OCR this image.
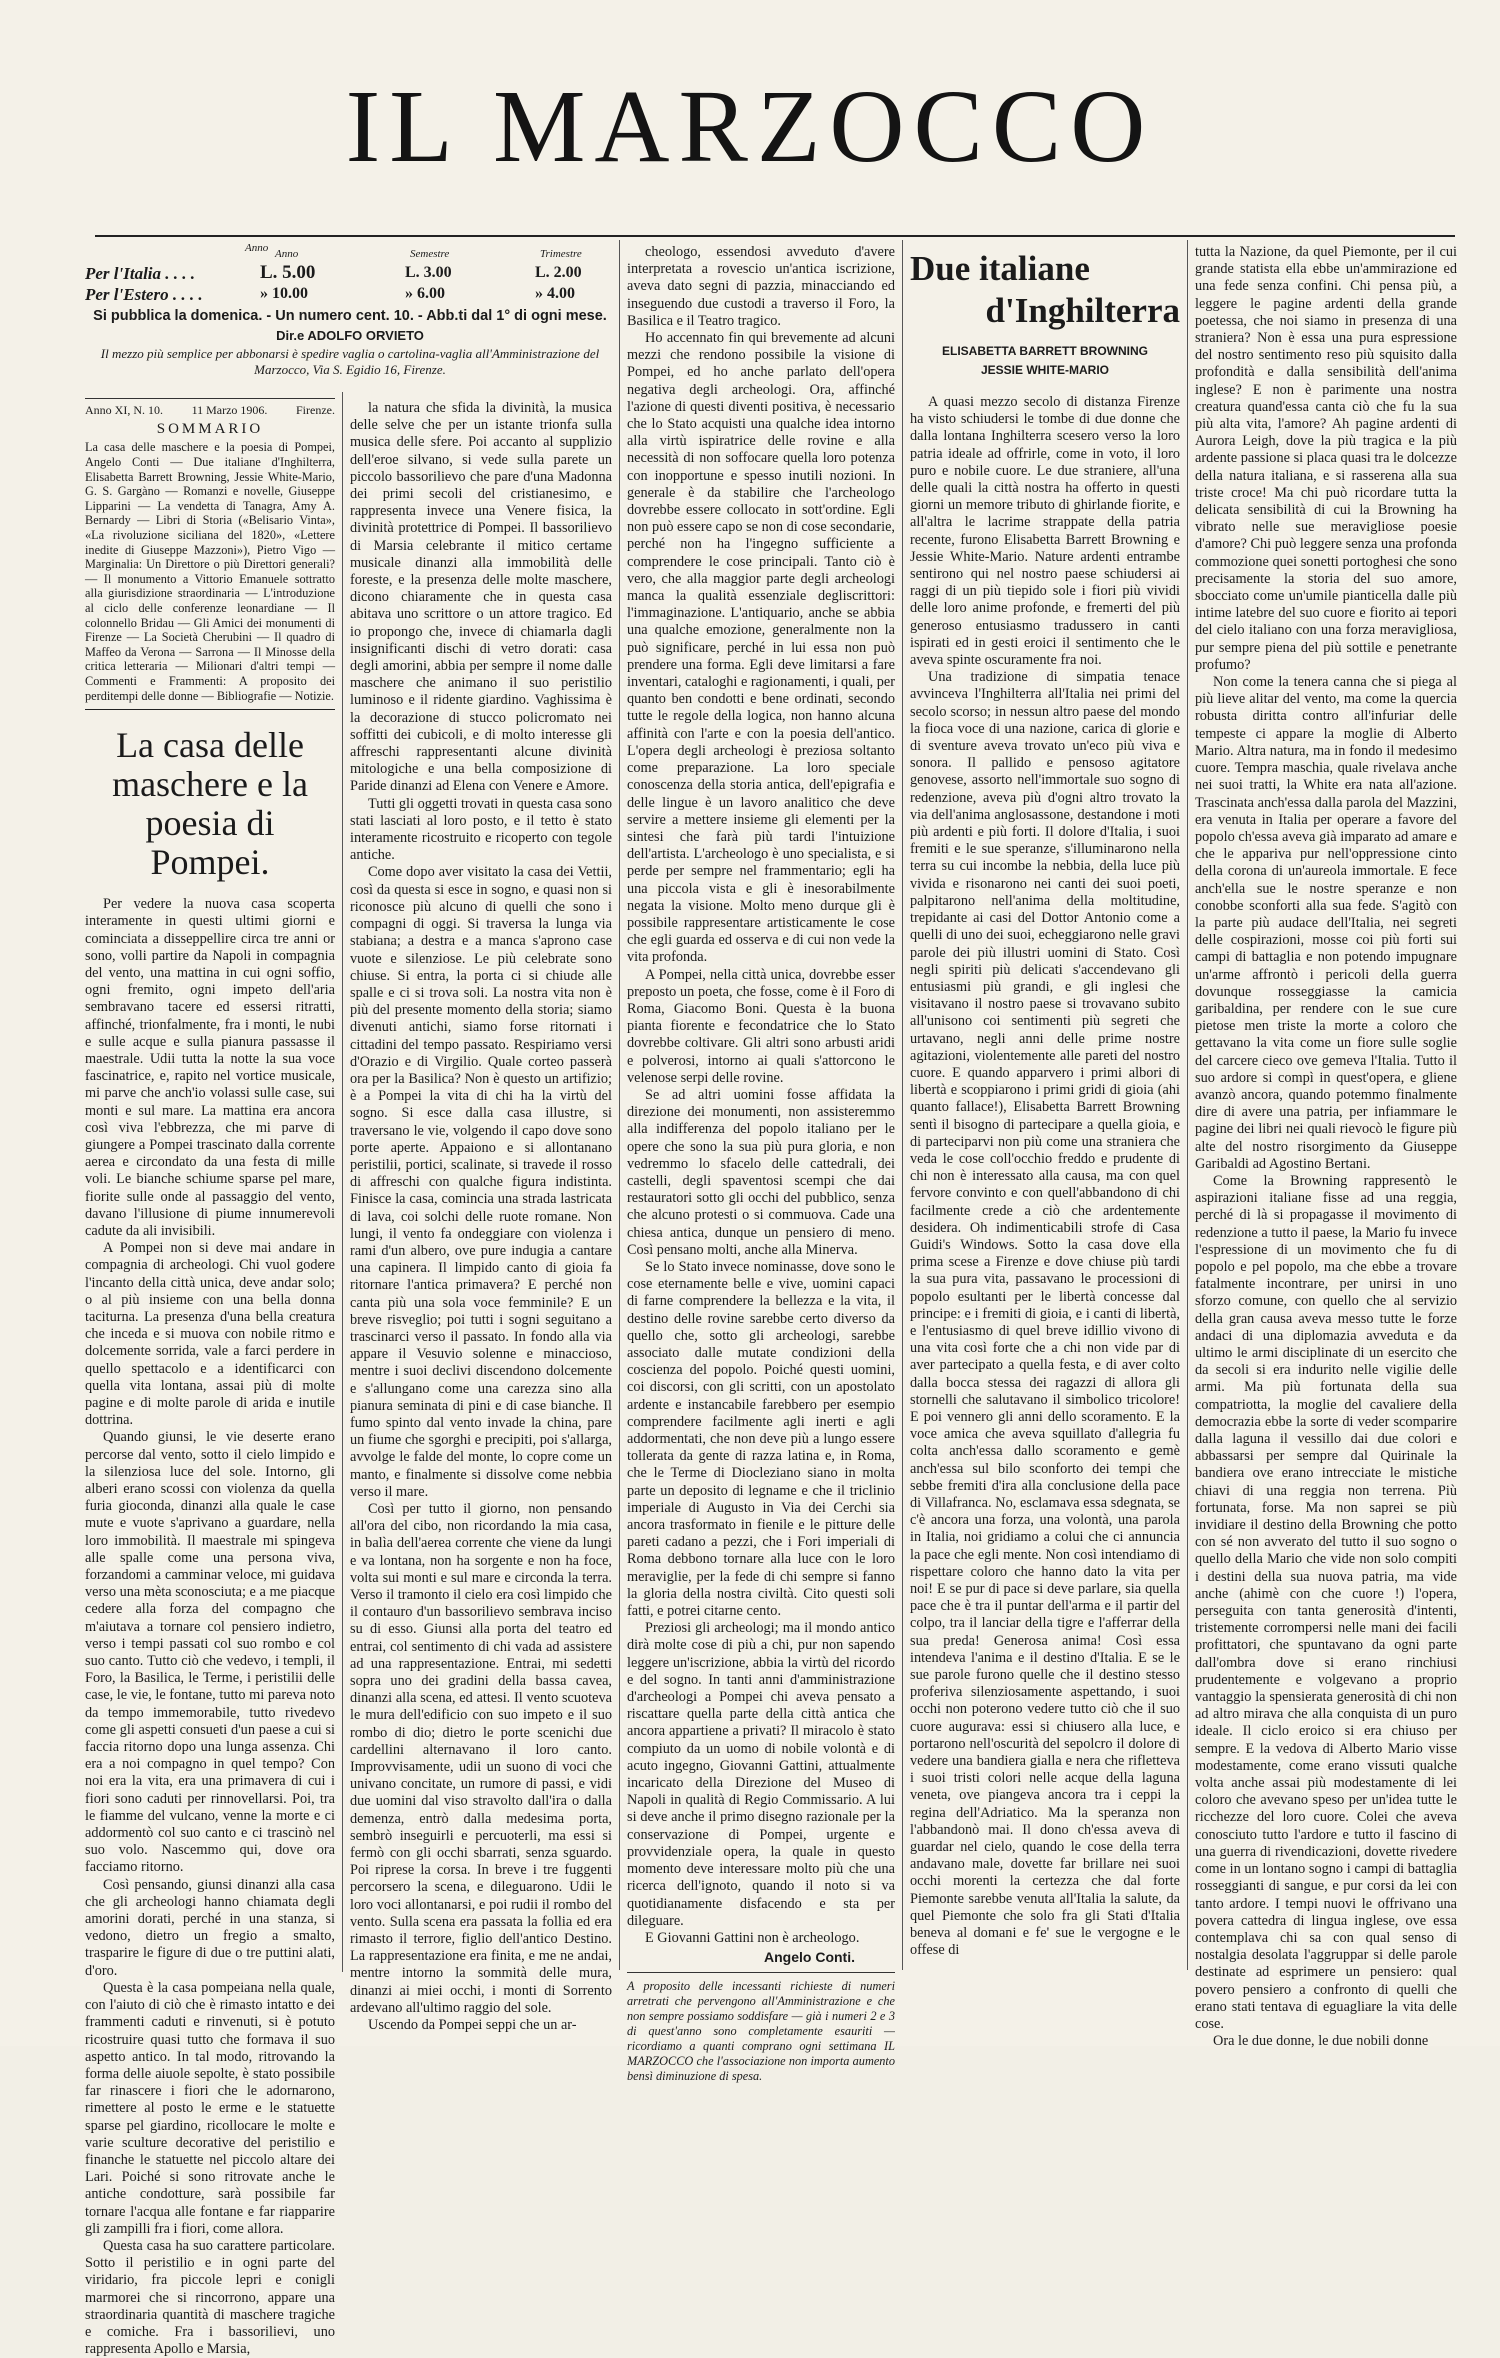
IL MARZOCCO
Anno Anno	Semestre	Trimestre
Per l'Italia . . . .	L. 5.00	L. 3.00	L. 2.00
Per l'Estero . . . .	» 10.00	» 6.00	» 4.00
Si pubblica la domenica. - Un numero cent. 10. - Abb.ti dal 1° di ogni mese.
Dir.e ADOLFO ORVIETO
Il mezzo più semplice per abbonarsi è spedire vaglia o cartolina-vaglia all'Amministrazione del Marzocco, Via S. Egidio 16, Firenze.
Anno XI, N. 10. 11 Marzo 1906. Firenze.
SOMMARIO
La casa delle maschere e la poesia di Pompei, Angelo Conti — Due italiane d'Inghilterra, Elisabetta Barrett Browning, Jessie White-Mario, G. S. Gargàno — Romanzi e novelle, Giuseppe Lipparini — La vendetta di Tanagra, Amy A. Bernardy — Libri di Storia («Belisario Vinta», «La rivoluzione siciliana del 1820», «Lettere inedite di Giuseppe Mazzoni»), Pietro Vigo — Marginalia: Un Direttore o più Direttori generali? — Il monumento a Vittorio Emanuele sottratto alla giurisdizione straordinaria — L'introduzione al ciclo delle conferenze leonardiane — Il colonnello Bridau — Gli Amici dei monumenti di Firenze — La Società Cherubini — Il quadro di Maffeo da Verona — Sarrona — Il Minosse della critica letteraria — Milionari d'altri tempi — Commenti e Frammenti: A proposito dei perditempi delle donne — Bibliografie — Notizie.
La casa delle maschere e la poesia di Pompei.

Per vedere la nuova casa scoperta interamente in questi ultimi giorni e cominciata a disseppellire circa tre anni or sono, volli partire da Napoli in compagnia del vento, una mattina in cui ogni soffio, ogni fremito, ogni impeto dell'aria sembravano tacere ed essersi ritratti, affinché, trionfalmente, fra i monti, le nubi e sulle acque e sulla pianura passasse il maestrale. Udii tutta la notte la sua voce fascinatrice, e, rapito nel vortice musicale, mi parve che anch'io volassi sulle case, sui monti e sul mare. La mattina era ancora così viva l'ebbrezza, che mi parve di giungere a Pompei trascinato dalla corrente aerea e circondato da una festa di mille voli. Le bianche schiume sparse pel mare, fiorite sulle onde al passaggio del vento, davano l'illusione di piume innumerevoli cadute da ali invisibili.

A Pompei non si deve mai andare in compagnia di archeologi. Chi vuol godere l'incanto della città unica, deve andar solo; o al più insieme con una bella donna taciturna. La presenza d'una bella creatura che inceda e si muova con nobile ritmo e dolcemente sorrida, vale a farci perdere in quello spettacolo e a identificarci con quella vita lontana, assai più di molte pagine e di molte parole di arida e inutile dottrina.

Quando giunsi, le vie deserte erano percorse dal vento, sotto il cielo limpido e la silenziosa luce del sole. Intorno, gli alberi erano scossi con violenza da quella furia gioconda, dinanzi alla quale le case mute e vuote s'aprivano a guardare, nella loro immobilità. Il maestrale mi spingeva alle spalle come una persona viva, forzandomi a camminar veloce, mi guidava verso una mèta sconosciuta; e a me piacque cedere alla forza del compagno che m'aiutava a tornare col pensiero indietro, verso i tempi passati col suo rombo e col suo canto. Tutto ciò che vedevo, i templi, il Foro, la Basilica, le Terme, i peristilii delle case, le vie, le fontane, tutto mi pareva noto da tempo immemorabile, tutto rivedevo come gli aspetti consueti d'un paese a cui si faccia ritorno dopo una lunga assenza. Chi era a noi compagno in quel tempo? Con noi era la vita, era una primavera di cui i fiori sono caduti per rinnovellarsi. Poi, tra le fiamme del vulcano, venne la morte e ci addormentò col suo canto e ci trascinò nel suo volo. Nascemmo qui, dove ora facciamo ritorno.

Così pensando, giunsi dinanzi alla casa che gli archeologi hanno chiamata degli amorini dorati, perché in una stanza, si vedono, dietro un fregio a smalto, trasparire le figure di due o tre puttini alati, d'oro.

Questa è la casa pompeiana nella quale, con l'aiuto di ciò che è rimasto intatto e dei frammenti caduti e rinvenuti, si è potuto ricostruire quasi tutto che formava il suo aspetto antico. In tal modo, ritrovando la forma delle aiuole sepolte, è stato possibile far rinascere i fiori che le adornarono, rimettere al posto le erme e le statuette sparse pel giardino, ricollocare le molte e varie sculture decorative del peristilio e finanche le statuette nel piccolo altare dei Lari. Poiché si sono ritrovate anche le antiche condotture, sarà possibile far tornare l'acqua alle fontane e far riapparire gli zampilli fra i fiori, come allora.

Questa casa ha suo carattere particolare. Sotto il peristilio e in ogni parte del viridario, fra piccole lepri e conigli marmorei che si rincorrono, appare una straordinaria quantità di maschere tragiche e comiche. Fra i bassorilievi, uno rappresenta Apollo e Marsia,

la natura che sfida la divinità, la musica delle selve che per un istante trionfa sulla musica delle sfere. Poi accanto al supplizio dell'eroe silvano, si vede sulla parete un piccolo bassorilievo che pare d'una Madonna dei primi secoli del cristianesimo, e rappresenta invece una Venere fisica, la divinità protettrice di Pompei. Il bassorilievo di Marsia celebrante il mitico certame musicale dinanzi alla immobilità delle foreste, e la presenza delle molte maschere, dicono chiaramente che in questa casa abitava uno scrittore o un attore tragico. Ed io propongo che, invece di chiamarla dagli insignificanti dischi di vetro dorati: casa degli amorini, abbia per sempre il nome dalle maschere che animano il suo peristilio luminoso e il ridente giardino. Vaghissima è la decorazione di stucco policromato nei soffitti dei cubicoli, e di molto interesse gli affreschi rappresentanti alcune divinità mitologiche e una bella composizione di Paride dinanzi ad Elena con Venere e Amore.

Tutti gli oggetti trovati in questa casa sono stati lasciati al loro posto, e il tetto è stato interamente ricostruito e ricoperto con tegole antiche.

Come dopo aver visitato la casa dei Vettii, così da questa si esce in sogno, e quasi non si riconosce più alcuno di quelli che sono i compagni di oggi. Si traversa la lunga via stabiana; a destra e a manca s'aprono case vuote e silenziose. Le più celebrate sono chiuse. Si entra, la porta ci si chiude alle spalle e ci si trova soli. La nostra vita non è più del presente momento della storia; siamo divenuti antichi, siamo forse ritornati i cittadini del tempo passato. Respiriamo versi d'Orazio e di Virgilio. Quale corteo passerà ora per la Basilica? Non è questo un artifizio; è a Pompei la vita di chi ha la virtù del sogno. Si esce dalla casa illustre, si traversano le vie, volgendo il capo dove sono porte aperte. Appaiono e si allontanano peristilii, portici, scalinate, si travede il rosso di affreschi con qualche figura indistinta. Finisce la casa, comincia una strada lastricata di lava, coi solchi delle ruote romane. Non lungi, il vento fa ondeggiare con violenza i rami d'un albero, ove pure indugia a cantare una capinera. Il limpido canto di gioia fa ritornare l'antica primavera? E perché non canta più una sola voce femminile? E un breve risveglio; poi tutti i sogni seguitano a trascinarci verso il passato. In fondo alla via appare il Vesuvio solenne e minaccioso, mentre i suoi declivi discendono dolcemente e s'allungano come una carezza sino alla pianura seminata di pini e di case bianche. Il fumo spinto dal vento invade la china, pare un fiume che sgorghi e precipiti, poi s'allarga, avvolge le falde del monte, lo copre come un manto, e finalmente si dissolve come nebbia verso il mare.

Così per tutto il giorno, non pensando all'ora del cibo, non ricordando la mia casa, in balìa dell'aerea corrente che viene da lungi e va lontana, non ha sorgente e non ha foce, volta sui monti e sul mare e circonda la terra. Verso il tramonto il cielo era così limpido che il contauro d'un bassorilievo sembrava inciso su di esso. Giunsi alla porta del teatro ed entrai, col sentimento di chi vada ad assistere ad una rappresentazione. Entrai, mi sedetti sopra uno dei gradini della bassa cavea, dinanzi alla scena, ed attesi. Il vento scuoteva le mura dell'edificio con suo impeto e il suo rombo di dio; dietro le porte scenichi due cardellini alternavano il loro canto. Improvvisamente, udii un suono di voci che univano concitate, un rumore di passi, e vidi due uomini dal viso stravolto dall'ira o dalla demenza, entrò dalla medesima porta, sembrò inseguirli e percuoterli, ma essi si fermò con gli occhi sbarrati, senza sguardo. Poi riprese la corsa. In breve i tre fuggenti percorsero la scena, e dileguarono. Udii le loro voci allontanarsi, e poi rudii il rombo del vento. Sulla scena era passata la follia ed era rimasto il terrore, figlio dell'antico Destino. La rappresentazione era finita, e me ne andai, mentre intorno la sommità delle mura, dinanzi ai miei occhi, i monti di Sorrento ardevano all'ultimo raggio del sole.

Uscendo da Pompei seppi che un ar-

cheologo, essendosi avveduto d'avere interpretata a rovescio un'antica iscrizione, aveva dato segni di pazzia, minacciando ed inseguendo due custodi a traverso il Foro, la Basilica e il Teatro tragico.

Ho accennato fin qui brevemente ad alcuni mezzi che rendono possibile la visione di Pompei, ed ho anche parlato dell'opera negativa degli archeologi. Ora, affinché l'azione di questi diventi positiva, è necessario che lo Stato acquisti una qualche idea intorno alla virtù ispiratrice delle rovine e alla necessità di non soffocare quella loro potenza con inopportune e spesso inutili nozioni. In generale è da stabilire che l'archeologo dovrebbe essere collocato in sott'ordine. Egli non può essere capo se non di cose secondarie, perché non ha l'ingegno sufficiente a comprendere le cose principali. Tanto ciò è vero, che alla maggior parte degli archeologi manca la qualità essenziale degliscrittori: l'immaginazione. L'antiquario, anche se abbia una qualche emozione, generalmente non la può significare, perché in lui essa non può prendere una forma. Egli deve limitarsi a fare inventari, cataloghi e ragionamenti, i quali, per quanto ben condotti e bene ordinati, secondo tutte le regole della logica, non hanno alcuna affinità con l'arte e con la poesia dell'antico. L'opera degli archeologi è preziosa soltanto come preparazione. La loro speciale conoscenza della storia antica, dell'epigrafia e delle lingue è un lavoro analitico che deve servire a mettere insieme gli elementi per la sintesi che farà più tardi l'intuizione dell'artista. L'archeologo è uno specialista, e si perde per sempre nel frammentario; egli ha una piccola vista e gli è inesorabilmente negata la visione. Molto meno durque gli è possibile rappresentare artisticamente le cose che egli guarda ed osserva e di cui non vede la vita profonda.

A Pompei, nella città unica, dovrebbe esser preposto un poeta, che fosse, come è il Foro di Roma, Giacomo Boni. Questa è la buona pianta fiorente e fecondatrice che lo Stato dovrebbe coltivare. Gli altri sono arbusti aridi e polverosi, intorno ai quali s'attorcono le velenose serpi delle rovine.

Se ad altri uomini fosse affidata la direzione dei monumenti, non assisteremmo alla indifferenza del popolo italiano per le opere che sono la sua più pura gloria, e non vedremmo lo sfacelo delle cattedrali, dei castelli, degli spaventosi scempi che dai restauratori sotto gli occhi del pubblico, senza che alcuno protesti o si commuova. Cade una chiesa antica, dunque un pensiero di meno. Così pensano molti, anche alla Minerva.

Se lo Stato invece nominasse, dove sono le cose eternamente belle e vive, uomini capaci di farne comprendere la bellezza e la vita, il destino delle rovine sarebbe certo diverso da quello che, sotto gli archeologi, sarebbe associato dalle mutate condizioni della coscienza del popolo. Poiché questi uomini, coi discorsi, con gli scritti, con un apostolato ardente e instancabile farebbero per esempio comprendere facilmente agli inerti e agli addormentati, che non deve più a lungo essere tollerata da gente di razza latina e, in Roma, che le Terme di Diocleziano siano in molta parte un deposito di legname e che il triclinio imperiale di Augusto in Via dei Cerchi sia ancora trasformato in fienile e le pitture delle pareti cadano a pezzi, che i Fori imperiali di Roma debbono tornare alla luce con le loro meraviglie, per la fede di chi sempre si fanno la gloria della nostra civiltà. Cito questi soli fatti, e potrei citarne cento.

Preziosi gli archeologi; ma il mondo antico dirà molte cose di più a chi, pur non sapendo leggere un'iscrizione, abbia la virtù del ricordo e del sogno. In tanti anni d'amministrazione d'archeologi a Pompei chi aveva pensato a riscattare quella parte della città antica che ancora appartiene a privati? Il miracolo è stato compiuto da un uomo di nobile volontà e di acuto ingegno, Giovanni Gattini, attualmente incaricato della Direzione del Museo di Napoli in qualità di Regio Commissario. A lui si deve anche il primo disegno razionale per la conservazione di Pompei, urgente e provvidenziale opera, la quale in questo momento deve interessare molto più che una ricerca dell'ignoto, quando il noto si va quotidianamente disfacendo e sta per dileguare.

E Giovanni Gattini non è archeologo.

Angelo Conti.
A proposito delle incessanti richieste di numeri arretrati che pervengono all'Amministrazione e che non sempre possiamo soddisfare — già i numeri 2 e 3 di quest'anno sono completamente esauriti — ricordiamo a quanti comprano ogni settimana IL MARZOCCO che l'associazione non importa aumento bensì diminuzione di spesa.
Due italiane
d'Inghilterra
ELISABETTA BARRETT BROWNING
JESSIE WHITE-MARIO

A quasi mezzo secolo di distanza Firenze ha visto schiudersi le tombe di due donne che dalla lontana Inghilterra scesero verso la loro patria ideale ad offrirle, come in voto, il loro puro e nobile cuore. Le due straniere, all'una delle quali la città nostra ha offerto in questi giorni un memore tributo di ghirlande fiorite, e all'altra le lacrime strappate della patria recente, furono Elisabetta Barrett Browning e Jessie White-Mario. Nature ardenti entrambe sentirono qui nel nostro paese schiudersi ai raggi di un più tiepido sole i fiori più vividi delle loro anime profonde, e fremerti del più generoso entusiasmo tradussero in canti ispirati ed in gesti eroici il sentimento che le aveva spinte oscuramente fra noi.

Una tradizione di simpatia tenace avvinceva l'Inghilterra all'Italia nei primi del secolo scorso; in nessun altro paese del mondo la fioca voce di una nazione, carica di glorie e di sventure aveva trovato un'eco più viva e sonora. Il pallido e pensoso agitatore genovese, assorto nell'immortale suo sogno di redenzione, aveva più d'ogni altro trovato la via dell'anima anglosassone, destandone i moti più ardenti e più forti. Il dolore d'Italia, i suoi fremiti e le sue speranze, s'illuminarono nella terra su cui incombe la nebbia, della luce più vivida e risonarono nei canti dei suoi poeti, palpitarono nell'anima della moltitudine, trepidante ai casi del Dottor Antonio come a quelli di uno dei suoi, echeggiarono nelle gravi parole dei più illustri uomini di Stato. Così negli spiriti più delicati s'accendevano gli entusiasmi più grandi, e gli inglesi che visitavano il nostro paese si trovavano subito all'unisono coi sentimenti più segreti che urtavano, negli anni delle prime nostre agitazioni, violentemente alle pareti del nostro cuore. E quando apparvero i primi albori di libertà e scoppiarono i primi gridi di gioia (ahi quanto fallace!), Elisabetta Barrett Browning sentì il bisogno di partecipare a quella gioia, e di parteciparvi non più come una straniera che veda le cose coll'occhio freddo e prudente di chi non è interessato alla causa, ma con quel fervore convinto e con quell'abbandono di chi facilmente crede a ciò che ardentemente desidera. Oh indimenticabili strofe di Casa Guidi's Windows. Sotto la casa dove ella prima scese a Firenze e dove chiuse più tardi la sua pura vita, passavano le processioni di popolo esultanti per le libertà concesse dal principe: e i fremiti di gioia, e i canti di libertà, e l'entusiasmo di quel breve idillio vivono di una vita così forte che a chi non vide par di aver partecipato a quella festa, e di aver colto dalla bocca stessa dei ragazzi di allora gli stornelli che salutavano il simbolico tricolore! E poi vennero gli anni dello scoramento. E la voce amica che aveva squillato d'allegria fu colta anch'essa dallo scoramento e gemè anch'essa sul bilo sconforto dei tempi che sebbe fremiti d'ira alla conclusione della pace di Villafranca. No, esclamava essa sdegnata, se c'è ancora una forza, una volontà, una parola in Italia, noi gridiamo a colui che ci annuncia la pace che egli mente. Non così intendiamo di rispettare coloro che hanno dato la vita per noi! E se pur di pace si deve parlare, sia quella pace che è tra il puntar dell'arma e il partir del colpo, tra il lanciar della tigre e l'afferrar della sua preda! Generosa anima! Così essa intendeva l'anima e il destino d'Italia. E se le sue parole furono quelle che il destino stesso proferiva silenziosamente aspettando, i suoi occhi non poterono vedere tutto ciò che il suo cuore augurava: essi si chiusero alla luce, e portarono nell'oscurità del sepolcro il dolore di vedere una bandiera gialla e nera che rifletteva i suoi tristi colori nelle acque della laguna veneta, ove piangeva ancora tra i ceppi la regina dell'Adriatico. Ma la speranza non l'abbandonò mai. Il dono ch'essa aveva di guardar nel cielo, quando le cose della terra andavano male, dovette far brillare nei suoi occhi morenti la certezza che dal forte Piemonte sarebbe venuta all'Italia la salute, da quel Piemonte che solo fra gli Stati d'Italia beneva al domani e fe' sue le vergogne e le offese di

tutta la Nazione, da quel Piemonte, per il cui grande statista ella ebbe un'ammirazione ed una fede senza confini. Chi pensa più, a leggere le pagine ardenti della grande poetessa, che noi siamo in presenza di una straniera? Non è essa una pura espressione del nostro sentimento reso più squisito dalla profondità e dalla sensibilità dell'anima inglese? E non è parimente una nostra creatura quand'essa canta ciò che fu la sua più alta vita, l'amore? Ah pagine ardenti di Aurora Leigh, dove la più tragica e la più ardente passione si placa quasi tra le dolcezze della natura italiana, e si rasserena alla sua triste croce! Ma chi può ricordare tutta la delicata sensibilità di cui la Browning ha vibrato nelle sue meravigliose poesie d'amore? Chi può leggere senza una profonda commozione quei sonetti portoghesi che sono precisamente la storia del suo amore, sbocciato come un'umile pianticella dalle più intime latebre del suo cuore e fiorito ai tepori del cielo italiano con una forza meravigliosa, pur sempre piena del più sottile e penetrante profumo?

Non come la tenera canna che si piega al più lieve alitar del vento, ma come la quercia robusta diritta contro all'infuriar delle tempeste ci appare la moglie di Alberto Mario. Altra natura, ma in fondo il medesimo cuore. Tempra maschia, quale rivelava anche nei suoi tratti, la White era nata all'azione. Trascinata anch'essa dalla parola del Mazzini, era venuta in Italia per operare a favore del popolo ch'essa aveva già imparato ad amare e che le appariva pur nell'oppressione cinto della corona di un'aureola immortale. E fece anch'ella sue le nostre speranze e non conobbe sconforti alla sua fede. S'agitò con la parte più audace dell'Italia, nei segreti delle cospirazioni, mosse coi più forti sui campi di battaglia e non potendo impugnare un'arme affrontò i pericoli della guerra dovunque rosseggiasse la camicia garibaldina, per rendere con le sue cure pietose men triste la morte a coloro che gettavano la vita come un fiore sulle soglie del carcere cieco ove gemeva l'Italia. Tutto il suo ardore si compì in quest'opera, e gliene avanzò ancora, quando potemmo finalmente dire di avere una patria, per infiammare le pagine dei libri nei quali rievocò le figure più alte del nostro risorgimento da Giuseppe Garibaldi ad Agostino Bertani.

Come la Browning rappresentò le aspirazioni italiane fisse ad una reggia, perché di là si propagasse il movimento di redenzione a tutto il paese, la Mario fu invece l'espressione di un movimento che fu di popolo e pel popolo, ma che ebbe a trovare fatalmente incontrare, per unirsi in uno sforzo comune, con quello che al servizio della gran causa aveva messo tutte le forze andaci di una diplomazia avveduta e da ultimo le armi disciplinate di un esercito che da secoli si era indurito nelle vigilie delle armi. Ma più fortunata della sua compatriotta, la moglie del cavaliere della democrazia ebbe la sorte di veder scomparire dalla laguna il vessillo dai due colori e abbassarsi per sempre dal Quirinale la bandiera ove erano intrecciate le mistiche chiavi di una reggia non terrena. Più fortunata, forse. Ma non saprei se più invidiare il destino della Browning che potto con sé non avverato del tutto il suo sogno o quello della Mario che vide non solo compiti i destini della sua nuova patria, ma vide anche (ahimè con che cuore !) l'opera, perseguita con tanta generosità d'intenti, tristemente corrompersi nelle mani dei facili profittatori, che spuntavano da ogni parte dall'ombra dove si erano rinchiusi prudentemente e volgevano a proprio vantaggio la spensierata generosità di chi non ad altro mirava che alla conquista di un puro ideale. Il ciclo eroico si era chiuso per sempre. E la vedova di Alberto Mario visse modestamente, come erano vissuti qualche volta anche assai più modestamente di lei coloro che avevano speso per un'idea tutte le ricchezze del loro cuore. Colei che aveva conosciuto tutto l'ardore e tutto il fascino di una guerra di rivendicazioni, dovette rivedere come in un lontano sogno i campi di battaglia rosseggianti di sangue, e pur corsi da lei con tanto ardore. I tempi nuovi le offrivano una povera cattedra di lingua inglese, ove essa contemplava chi sa con qual senso di nostalgia desolata l'aggruppar si delle parole destinate ad esprimere un pensiero: qual povero pensiero a confronto di quelli che erano stati tentava di eguagliare la vita delle cose.

Ora le due donne, le due nobili donne
